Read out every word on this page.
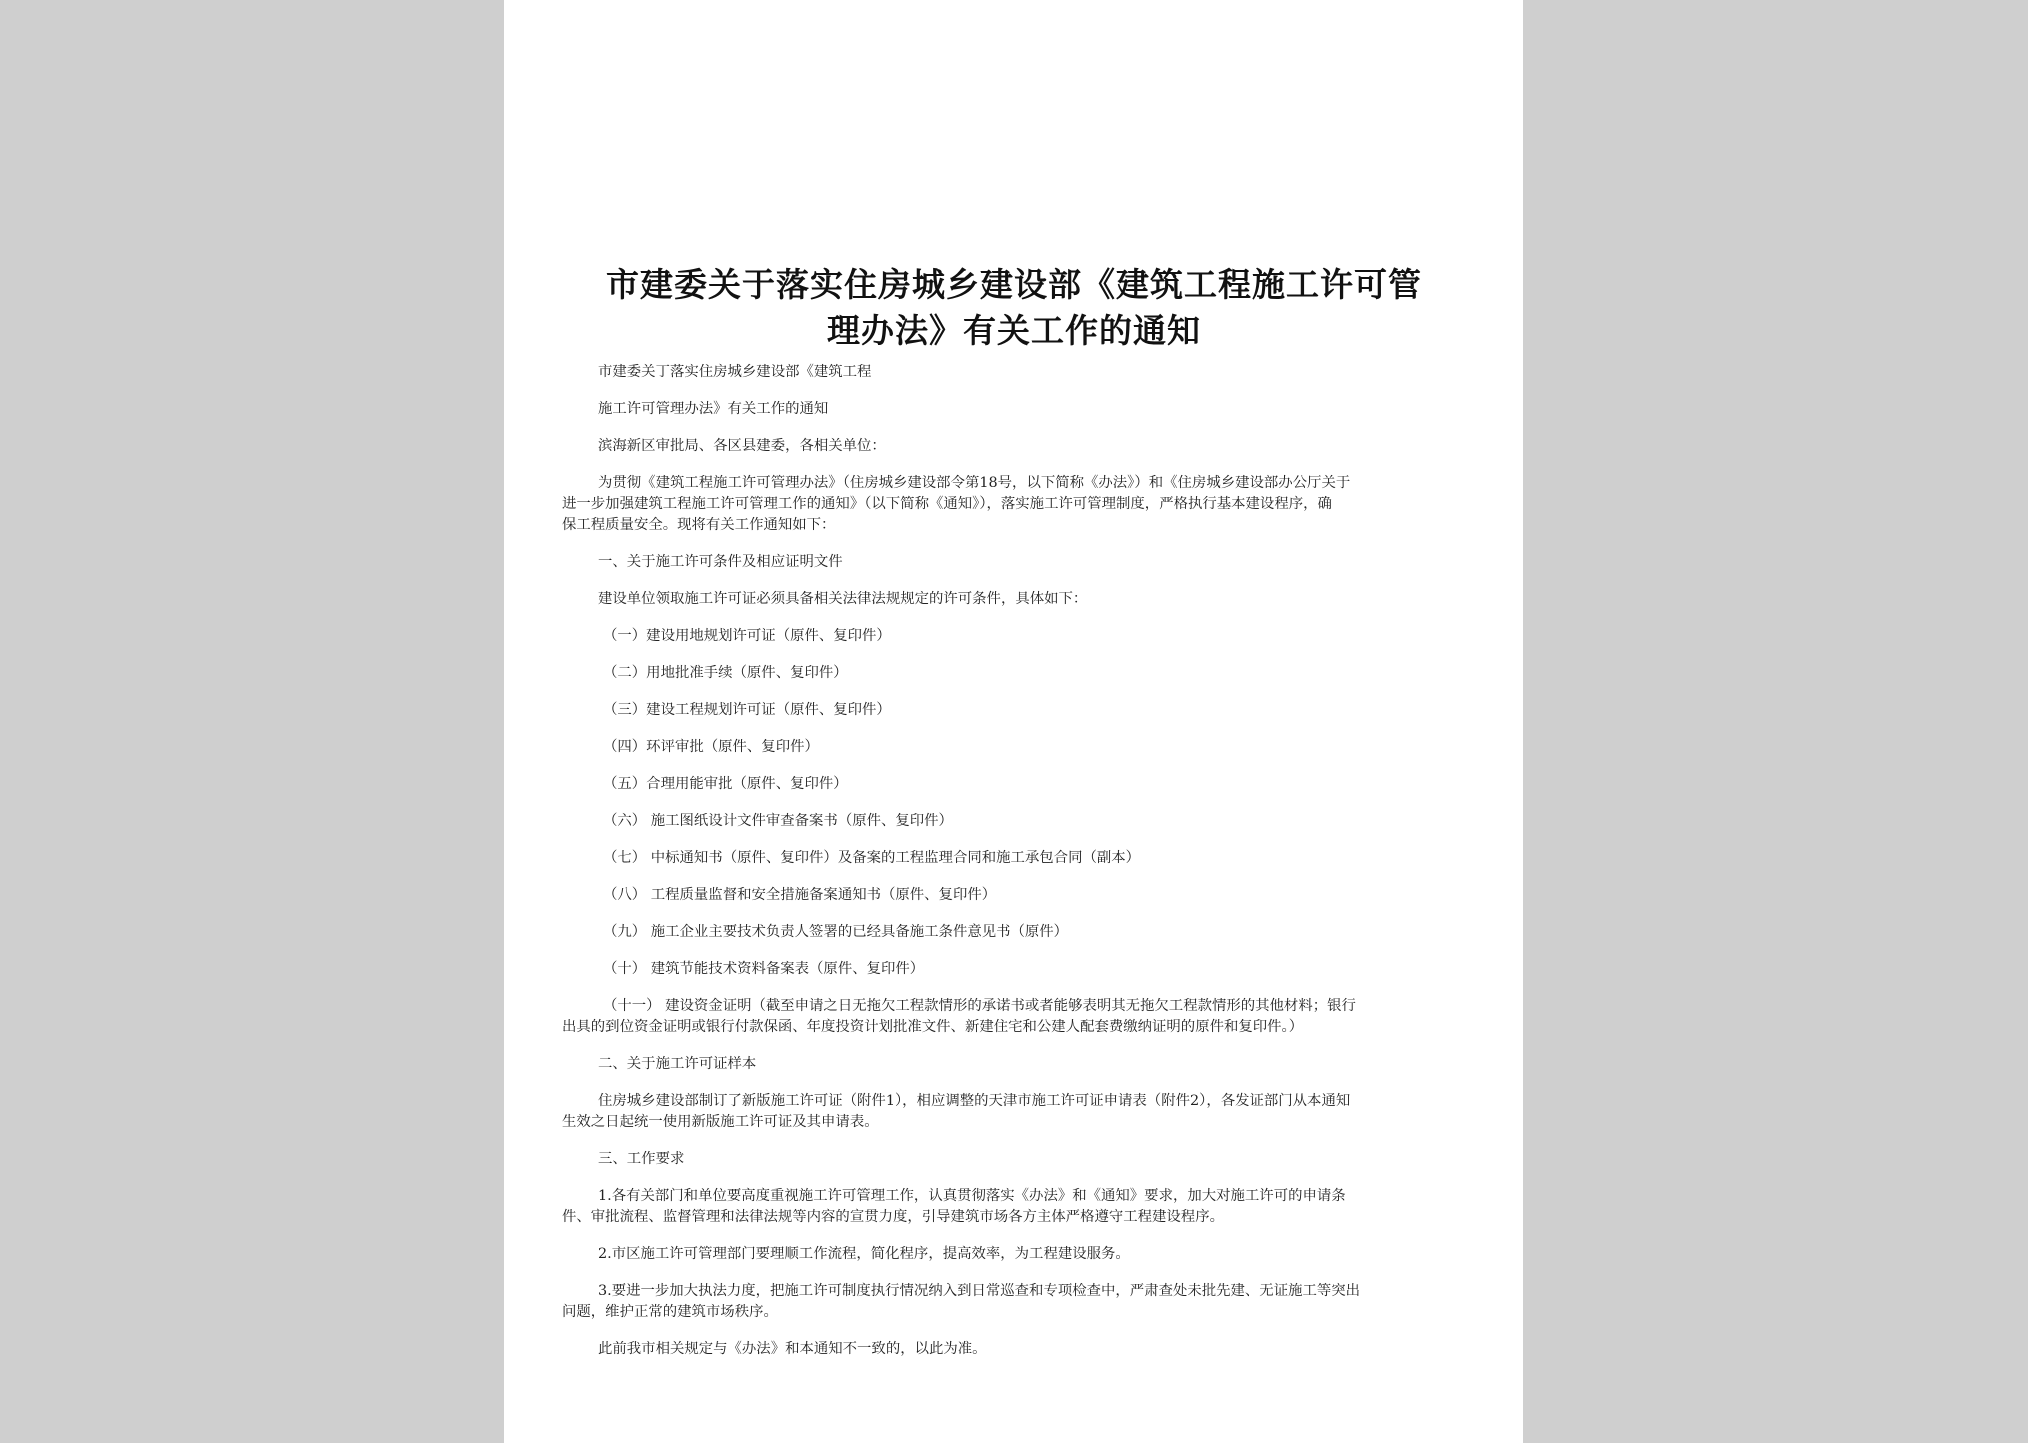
市建委关于落实住房城乡建设部《建筑工程施工许可管
理办法》有关工作的通知

市建委关丁落实住房城乡建设部《建筑工程

施工许可管理办法》有关工作的通知

滨海新区审批局、各区县建委，各相关单位：

为贯彻《建筑工程施工许可管理办法》（住房城乡建设部令第18号，以下简称《办法》）和《住房城乡建设部办公厅关于

进一步加强建筑工程施工许可管理工作的通知》（以下简称《通知》），落实施工许可管理制度，严格执行基本建设程序，确

保工程质量安全。现将有关工作通知如下：

一、关于施工许可条件及相应证明文件

建设单位领取施工许可证必须具备相关法律法规规定的许可条件，具体如下：

（一）建设用地规划许可证（原件、复印件）

（二）用地批准手续（原件、复印件）

（三）建设工程规划许可证（原件、复印件）

（四）环评审批（原件、复印件）

（五）合理用能审批（原件、复印件）

（六） 施工图纸设计文件审查备案书（原件、复印件）

（七） 中标通知书（原件、复印件）及备案的工程监理合同和施工承包合同（副本）

（八） 工程质量监督和安全措施备案通知书（原件、复印件）

（九） 施工企业主要技术负责人签署的已经具备施工条件意见书（原件）

（十） 建筑节能技术资料备案表（原件、复印件）

（十一） 建设资金证明（截至申请之日无拖欠工程款情形的承诺书或者能够表明其无拖欠工程款情形的其他材料；银行

出具的到位资金证明或银行付款保函、年度投资计划批准文件、新建住宅和公建人配套费缴纳证明的原件和复印件。）

二、关于施工许可证样本

住房城乡建设部制订了新版施工许可证（附件1），相应调整的天津市施工许可证申请表（附件2），各发证部门从本通知

生效之日起统一使用新版施工许可证及其申请表。

三、工作要求

1.各有关部门和单位要高度重视施工许可管理工作，认真贯彻落实《办法》和《通知》要求，加大对施工许可的申请条

件、审批流程、监督管理和法律法规等内容的宣贯力度，引导建筑市场各方主体严格遵守工程建设程序。

2.市区施工许可管理部门要理顺工作流程，简化程序，提高效率，为工程建设服务。

3.要进一步加大执法力度，把施工许可制度执行情况纳入到日常巡查和专项检查中，严肃查处未批先建、无证施工等突出

问题，维护正常的建筑市场秩序。

此前我市相关规定与《办法》和本通知不一致的，以此为准。
